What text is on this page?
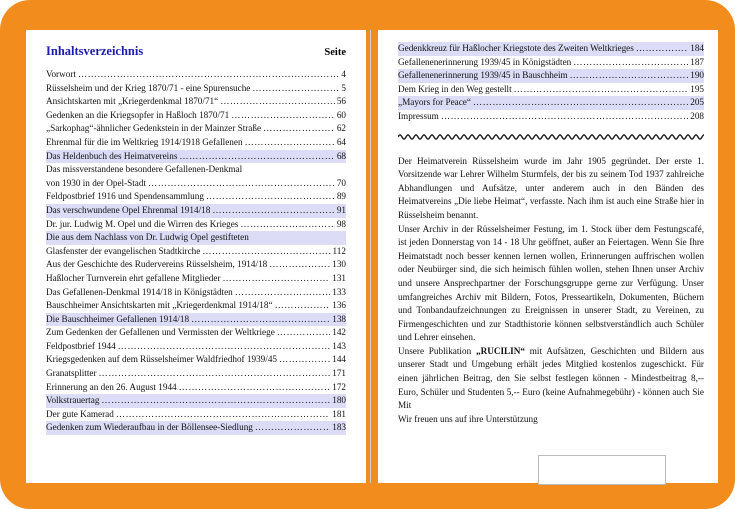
Inhaltsverzeichnis	Seite
Vorwort …………………………………………………………………………………………………………………	4
Rüsselsheim und der Krieg 1870/71 - eine Spurensuche …………………………………………………………………………………………………………………	5
Ansichtskarten mit „Kriegerdenkmal 1870/71“ …………………………………………………………………………………………………………………	56
Gedenken an die Kriegsopfer in Haßloch 1870/71 …………………………………………………………………………………………………………………	60
„Sarkophag“-ähnlicher Gedenkstein in der Mainzer Straße …………………………………………………………………………………………………………………	62
Ehrenmal für die im Weltkrieg 1914/1918 Gefallenen …………………………………………………………………………………………………………………	64
Das Heldenbuch des Heimatvereins …………………………………………………………………………………………………………………	68
Das missverstandene besondere Gefallenen-Denkmal
von 1930 in der Opel-Stadt …………………………………………………………………………………………………………………	70
Feldpostbrief 1916 und Spendensammlung …………………………………………………………………………………………………………………	89
Das verschwundene Opel Ehrenmal 1914/18 …………………………………………………………………………………………………………………	91
Dr. jur. Ludwig M. Opel und die Wirren des Krieges …………………………………………………………………………………………………………………	98
Die aus dem Nachlass von Dr. Ludwig Opel gestifteten
Glasfenster der evangelischen Stadtkirche …………………………………………………………………………………………………………………	112
Aus der Geschichte des Rudervereins Rüsselsheim, 1914/18 …………………………………………………………………………………………………………………	130
Haßlocher Turnverein ehrt gefallene Mitglieder …………………………………………………………………………………………………………………	131
Das Gefallenen-Denkmal 1914/18 in Königstädten …………………………………………………………………………………………………………………	133
Bauschheimer Ansichtskarten mit „Kriegerdenkmal 1914/18“ …………………………………………………………………………………………………………………	136
Die Bauschheimer Gefallenen 1914/18 …………………………………………………………………………………………………………………	138
Zum Gedenken der Gefallenen und Vermissten der Weltkriege …………………………………………………………………………………………………………………	142
Feldpostbrief 1944 …………………………………………………………………………………………………………………	143
Kriegsgedenken auf dem Rüsselsheimer Waldfriedhof 1939/45 …………………………………………………………………………………………………………………	144
Granatsplitter …………………………………………………………………………………………………………………	171
Erinnerung an den 26. August 1944 …………………………………………………………………………………………………………………	172
Volkstrauertag …………………………………………………………………………………………………………………	180
Der gute Kamerad …………………………………………………………………………………………………………………	181
Gedenken zum Wiederaufbau in der Böllensee-Siedlung …………………………………………………………………………………………………………………	183
Gedenkkreuz für Haßlocher Kriegstote des Zweiten Weltkrieges …………………………………………………………………………………………………………………	184
Gefallenenerinnerung 1939/45 in Königstädten …………………………………………………………………………………………………………………	187
Gefallenenerinnerung 1939/45 in Bauschheim …………………………………………………………………………………………………………………	190
Dem Krieg in den Weg gestellt …………………………………………………………………………………………………………………	195
„Mayors for Peace“ …………………………………………………………………………………………………………………	205
Impressum …………………………………………………………………………………………………………………	208

Der Heimatverein Rüsselsheim wurde im Jahr 1905 gegründet. Der erste 1. Vorsitzende war Lehrer Wilhelm Sturmfels, der bis zu seinem Tod 1937 zahlreiche Abhandlungen und Aufsätze, unter anderem auch in den Bänden des Heimatvereins „Die liebe Heimat“, verfasste. Nach ihm ist auch eine Straße hier in Rüsselsheim benannt.

Unser Archiv in der Rüsselsheimer Festung, im 1. Stock über dem Festungscafé, ist jeden Donnerstag von 14 - 18 Uhr geöffnet, außer an Feiertagen. Wenn Sie Ihre Heimatstadt noch besser kennen lernen wollen, Erinnerungen auffrischen wollen oder Neubürger sind, die sich heimisch fühlen wollen, stehen Ihnen unser Archiv und unsere Ansprechpartner der Forschungsgruppe gerne zur Verfügung. Unser umfangreiches Archiv mit Bildern, Fotos, Pressеartikeln, Dokumenten, Büchern und Tonbandaufzeichnungen zu Ereignissen in unserer Stadt, zu Vereinen, zu Firmengeschichten und zur Stadthistorie können selbstverständlich auch Schüler und Lehrer einsehen.

Unsere Publikation „RUCILIN“ mit Aufsätzen, Geschichten und Bildern aus unserer Stadt und Umgebung erhält jedes Mitglied kostenlos zugeschickt. Für einen jährlichen Beitrag, den Sie selbst festlegen können - Mindestbeitrag 8,-- Euro, Schüler und Studenten 5,-- Euro (keine Aufnahmegebühr) - können auch Sie Mit

Wir freuen uns auf ihre Unterstützung
